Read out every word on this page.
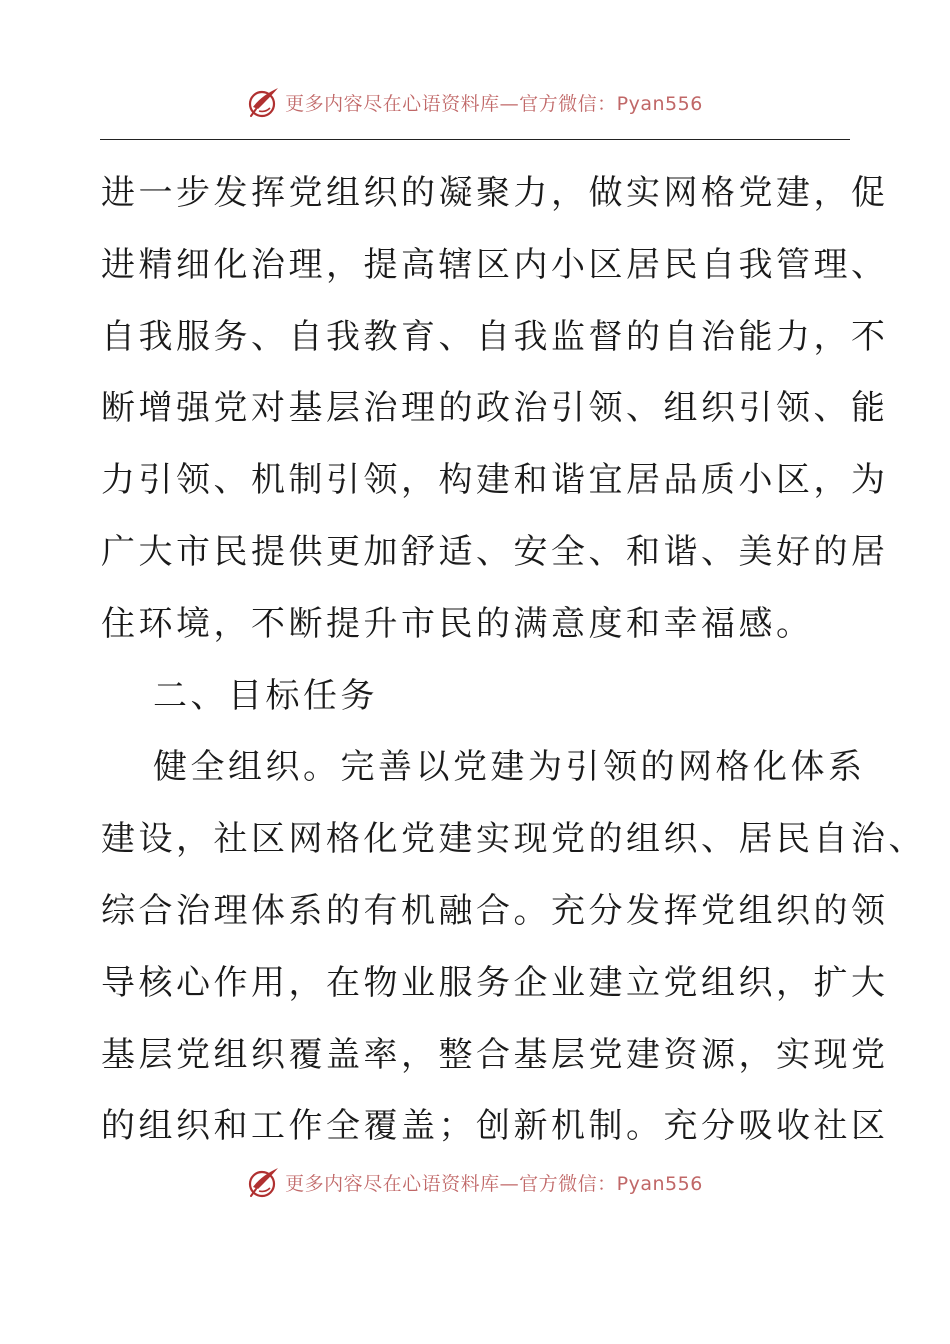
更多内容尽在心语资料库—官方微信：Pyan556
进一步发挥党组织的凝聚力，做实网格党建，促
进精细化治理，提高辖区内小区居民自我管理、
自我服务、自我教育、自我监督的自治能力，不
断增强党对基层治理的政治引领、组织引领、能
力引领、机制引领，构建和谐宜居品质小区，为
广大市民提供更加舒适、安全、和谐、美好的居
住环境，不断提升市民的满意度和幸福感。
二、目标任务
健全组织。完善以党建为引领的网格化体系
建设，社区网格化党建实现党的组织、居民自治、
综合治理体系的有机融合。充分发挥党组织的领
导核心作用，在物业服务企业建立党组织，扩大
基层党组织覆盖率，整合基层党建资源，实现党
的组织和工作全覆盖；创新机制。充分吸收社区
更多内容尽在心语资料库—官方微信：Pyan556
